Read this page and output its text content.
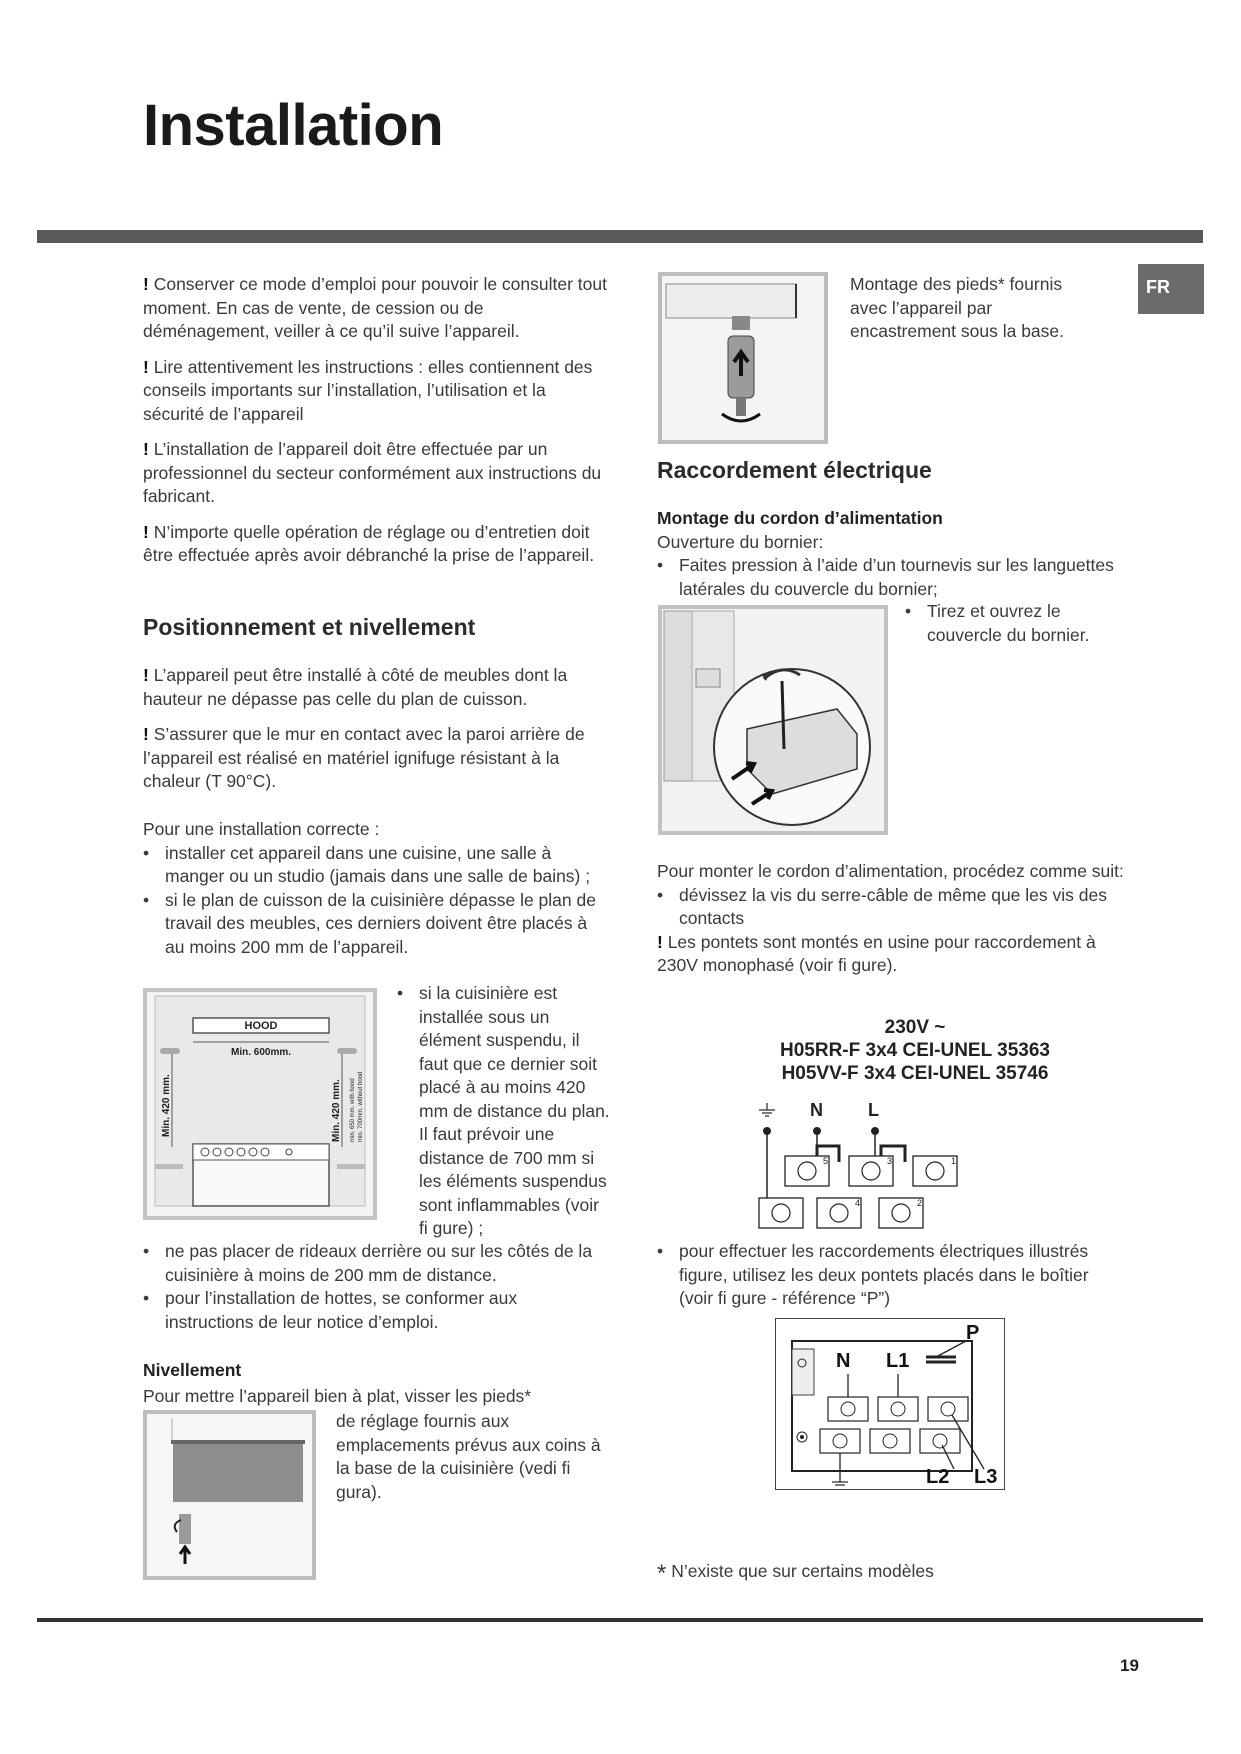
Installation
FR

! Conserver ce mode d’emploi pour pouvoir le consulter tout moment. En cas de vente, de cession ou de déménagement, veiller à ce qu’il suive l’appareil.

! Lire attentivement les instructions : elles contiennent des conseils importants sur l’installation, l’utilisation et la sécurité de l’appareil

! L’installation de l’appareil doit être effectuée par un professionnel du secteur conformément aux instructions du fabricant.

! N’importe quelle opération de réglage ou d’entretien doit être effectuée après avoir débranché la prise de l’appareil.

Positionnement et nivellement

! L’appareil peut être installé à côté de meubles dont la hauteur ne dépasse pas celle du plan de cuisson.

! S’assurer que le mur en contact avec la paroi arrière de l’appareil est réalisé en matériel ignifuge résistant à la chaleur (T 90°C).

Pour une installation correcte :

• installer cet appareil dans une cuisine, une salle à manger ou un studio (jamais dans une salle de bains) ;
• si le plan de cuisson de la cuisinière dépasse le plan de travail des meubles, ces derniers doivent être placés à au moins 200 mm de l’appareil.
HOOD
Min. 600mm.
Min. 420 mm.	Min. 420 mm. min. 650 mm. with hood min. 700mm. without hood
• si la cuisinière est installée sous un élément suspendu, il faut que ce dernier soit placé à au moins 420 mm de distance du plan. Il faut prévoir une distance de 700 mm si les éléments suspendus sont inflammables (voir ﬁ gure) ;
• ne pas placer de rideaux derrière ou sur les côtés de la cuisinière à moins de 200 mm de distance.
• pour l’installation de hottes, se conformer aux instructions de leur notice d’emploi.
Nivellement
Pour mettre l’appareil bien à plat, visser les pieds*
de réglage fournis aux emplacements prévus aux coins à la base de la cuisinière (vedi ﬁ gura).
Montage des pieds* fournis avec l’appareil par encastrement sous la base.
Raccordement électrique

Montage du cordon d’alimentation

Ouverture du bornier:

• Faites pression à l’aide d’un tournevis sur les languettes latérales du couvercle du bornier;
• Tirez et ouvrez le couvercle du bornier.

Pour monter le cordon d’alimentation, procédez comme suit:

• dévissez la vis du serre-câble de même que les vis des contacts

! Les pontets sont montés en usine pour raccordement à 230V monophasé (voir ﬁ gure).

230V ~
H05RR-F 3x4 CEI-UNEL 35363
H05VV-F 3x4 CEI-UNEL 35746
N	L
5	3	1
4	2
• pour effectuer les raccordements électriques illustrés figure, utilisez les deux pontets placés dans le boîtier (voir ﬁ gure - référence “P”)
P
N L1
L2 L3
* N’existe que sur certains modèles
19
